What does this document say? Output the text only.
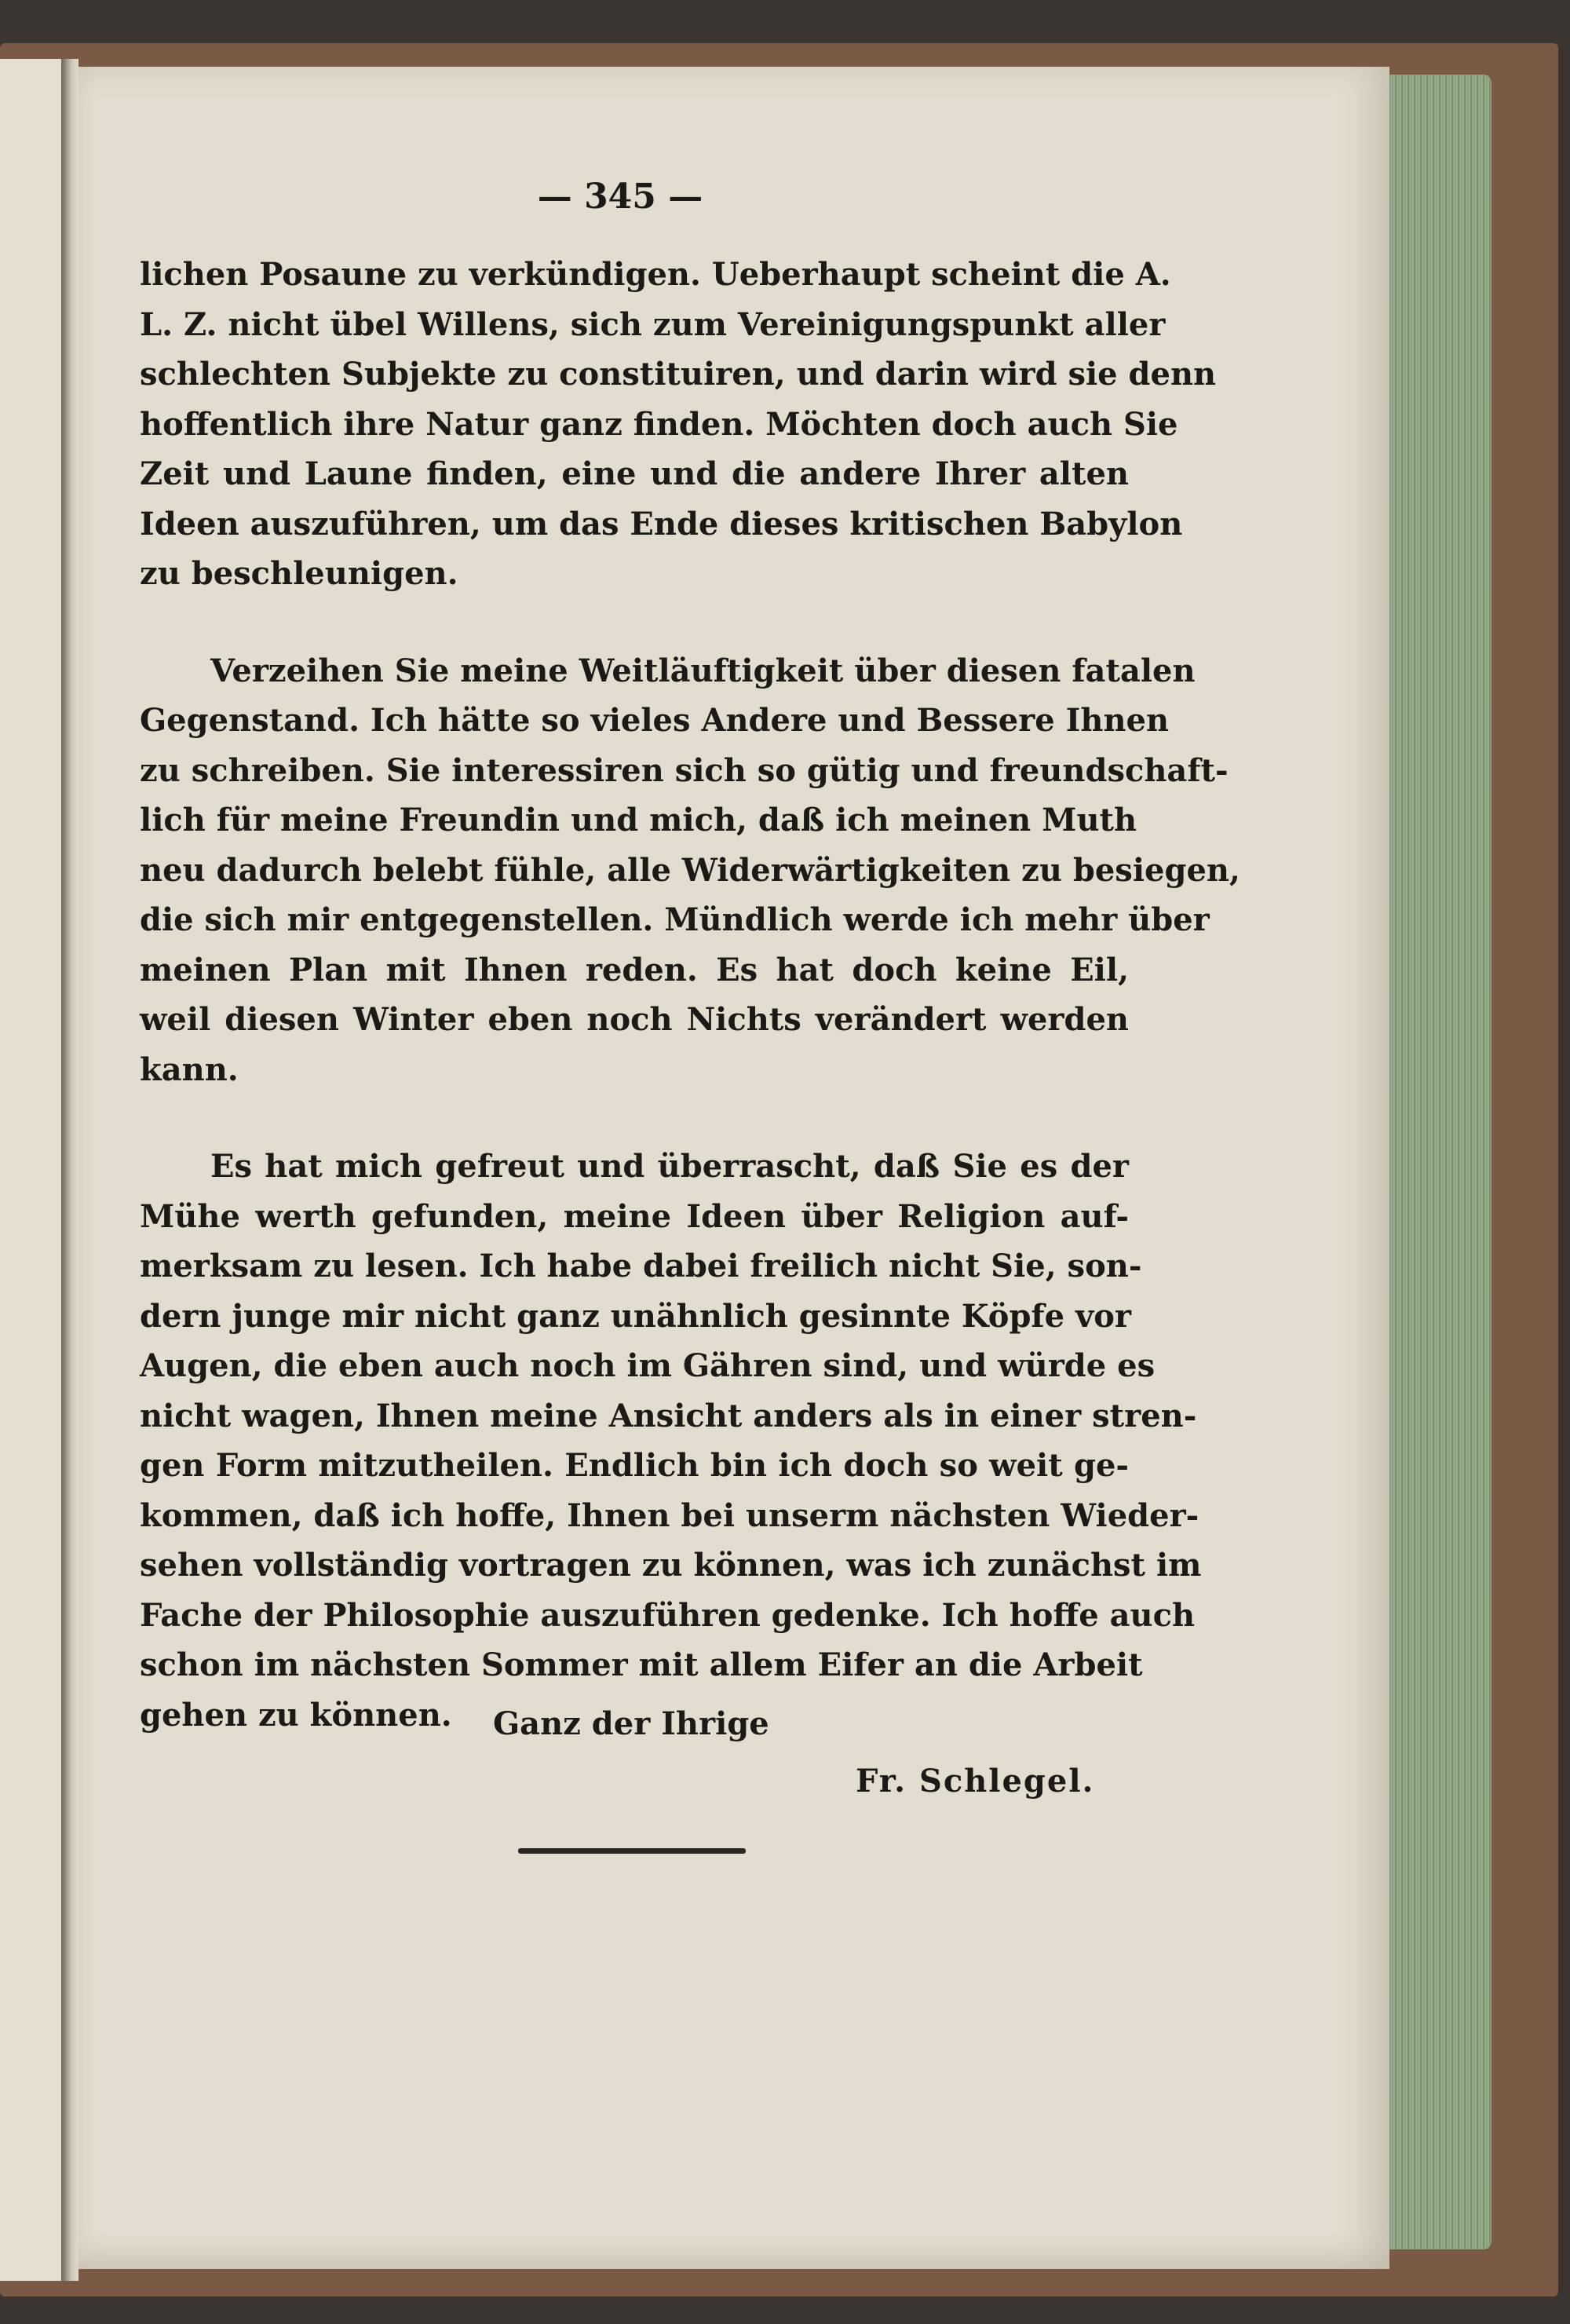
— 345 —
lichen Posaune zu verkündigen. Ueberhaupt scheint die A.
L. Z. nicht übel Willens, sich zum Vereinigungspunkt aller
schlechten Subjekte zu constituiren, und darin wird sie denn
hoffentlich ihre Natur ganz finden. Möchten doch auch Sie
Zeit und Laune finden, eine und die andere Ihrer alten
Ideen auszuführen, um das Ende dieses kritischen Babylon
zu beschleunigen.
Verzeihen Sie meine Weitläuftigkeit über diesen fatalen
Gegenstand. Ich hätte so vieles Andere und Bessere Ihnen
zu schreiben. Sie interessiren sich so gütig und freundschaft-
lich für meine Freundin und mich, daß ich meinen Muth
neu dadurch belebt fühle, alle Widerwärtigkeiten zu besiegen,
die sich mir entgegenstellen. Mündlich werde ich mehr über
meinen Plan mit Ihnen reden. Es hat doch keine Eil,
weil diesen Winter eben noch Nichts verändert werden
kann.
Es hat mich gefreut und überrascht, daß Sie es der
Mühe werth gefunden, meine Ideen über Religion auf-
merksam zu lesen. Ich habe dabei freilich nicht Sie, son-
dern junge mir nicht ganz unähnlich gesinnte Köpfe vor
Augen, die eben auch noch im Gähren sind, und würde es
nicht wagen, Ihnen meine Ansicht anders als in einer stren-
gen Form mitzutheilen. Endlich bin ich doch so weit ge-
kommen, daß ich hoffe, Ihnen bei unserm nächsten Wieder-
sehen vollständig vortragen zu können, was ich zunächst im
Fache der Philosophie auszuführen gedenke. Ich hoffe auch
schon im nächsten Sommer mit allem Eifer an die Arbeit
gehen zu können.	Ganz der Ihrige
Fr. Schlegel.
